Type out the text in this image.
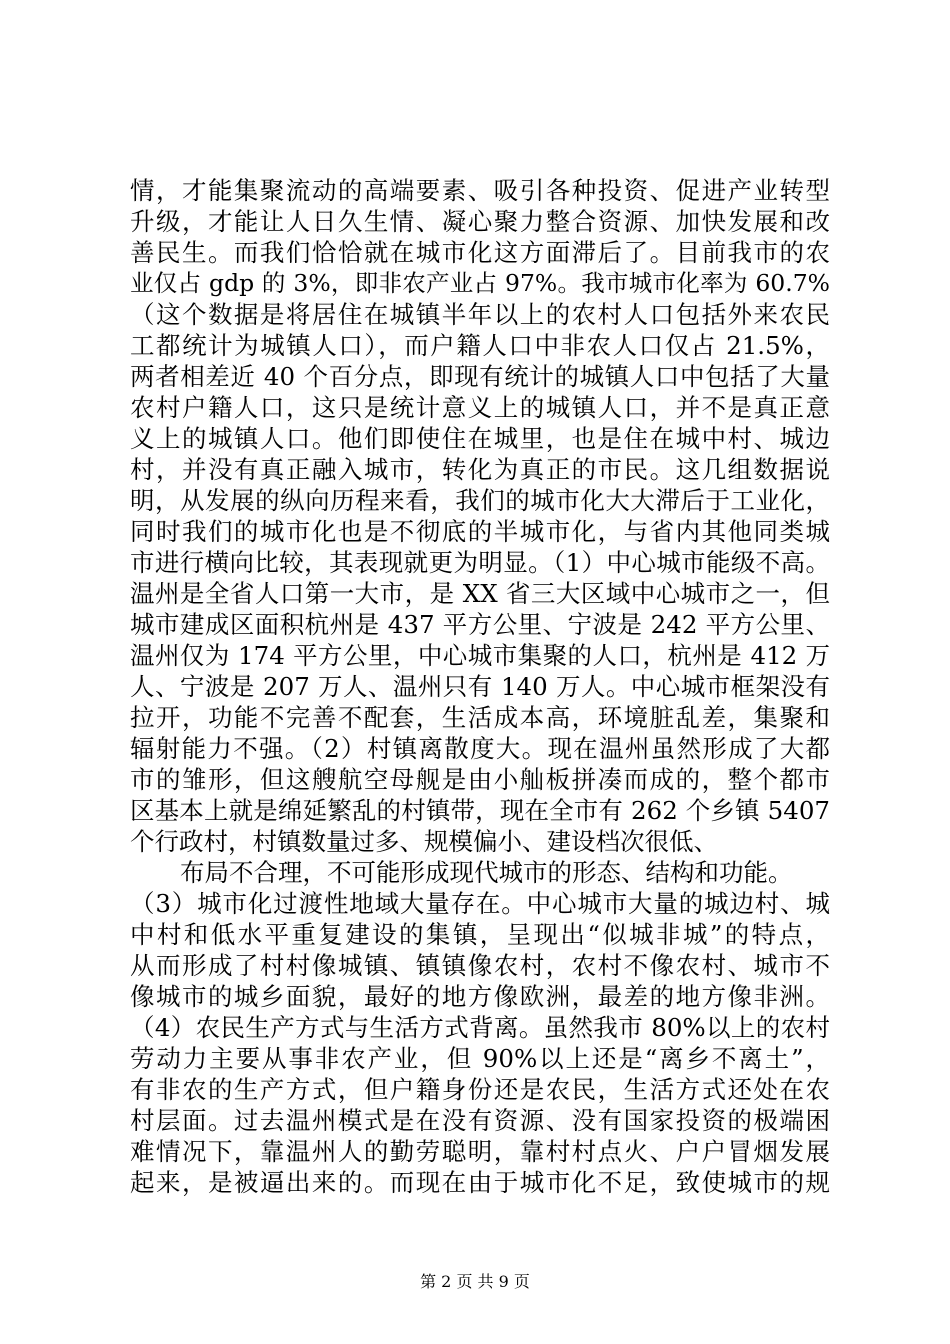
情，才能集聚流动的高端要素、吸引各种投资、促进产业转型
升级，才能让人日久生情、凝心聚力整合资源、加快发展和改
善民生。而我们恰恰就在城市化这方面滞后了。目前我市的农
业仅占 gdp 的 3%，即非农产业占 97%。我市城市化率为 60.7%
（这个数据是将居住在城镇半年以上的农村人口包括外来农民
工都统计为城镇人口），而户籍人口中非农人口仅占 21.5%，
两者相差近 40 个百分点，即现有统计的城镇人口中包括了大量
农村户籍人口，这只是统计意义上的城镇人口，并不是真正意
义上的城镇人口。他们即使住在城里，也是住在城中村、城边
村，并没有真正融入城市，转化为真正的市民。这几组数据说
明，从发展的纵向历程来看，我们的城市化大大滞后于工业化，
同时我们的城市化也是不彻底的半城市化，与省内其他同类城
市进行横向比较，其表现就更为明显。（1）中心城市能级不高。
温州是全省人口第一大市，是 XX 省三大区域中心城市之一，但
城市建成区面积杭州是 437 平方公里、宁波是 242 平方公里、
温州仅为 174 平方公里，中心城市集聚的人口，杭州是 412 万
人、宁波是 207 万人、温州只有 140 万人。中心城市框架没有
拉开，功能不完善不配套，生活成本高，环境脏乱差，集聚和
辐射能力不强。（2）村镇离散度大。现在温州虽然形成了大都
市的雏形，但这艘航空母舰是由小舢板拼凑而成的，整个都市
区基本上就是绵延繁乱的村镇带，现在全市有 262 个乡镇 5407
个行政村，村镇数量过多、规模偏小、建设档次很低、
布局不合理，不可能形成现代城市的形态、结构和功能。
（3）城市化过渡性地域大量存在。中心城市大量的城边村、城
中村和低水平重复建设的集镇，呈现出“似城非城”的特点，
从而形成了村村像城镇、镇镇像农村，农村不像农村、城市不
像城市的城乡面貌，最好的地方像欧洲，最差的地方像非洲。
（4）农民生产方式与生活方式背离。虽然我市 80%以上的农村
劳动力主要从事非农产业，但 90%以上还是“离乡不离土”，
有非农的生产方式，但户籍身份还是农民，生活方式还处在农
村层面。过去温州模式是在没有资源、没有国家投资的极端困
难情况下，靠温州人的勤劳聪明，靠村村点火、户户冒烟发展
起来，是被逼出来的。而现在由于城市化不足，致使城市的规
第 2 页 共 9 页
